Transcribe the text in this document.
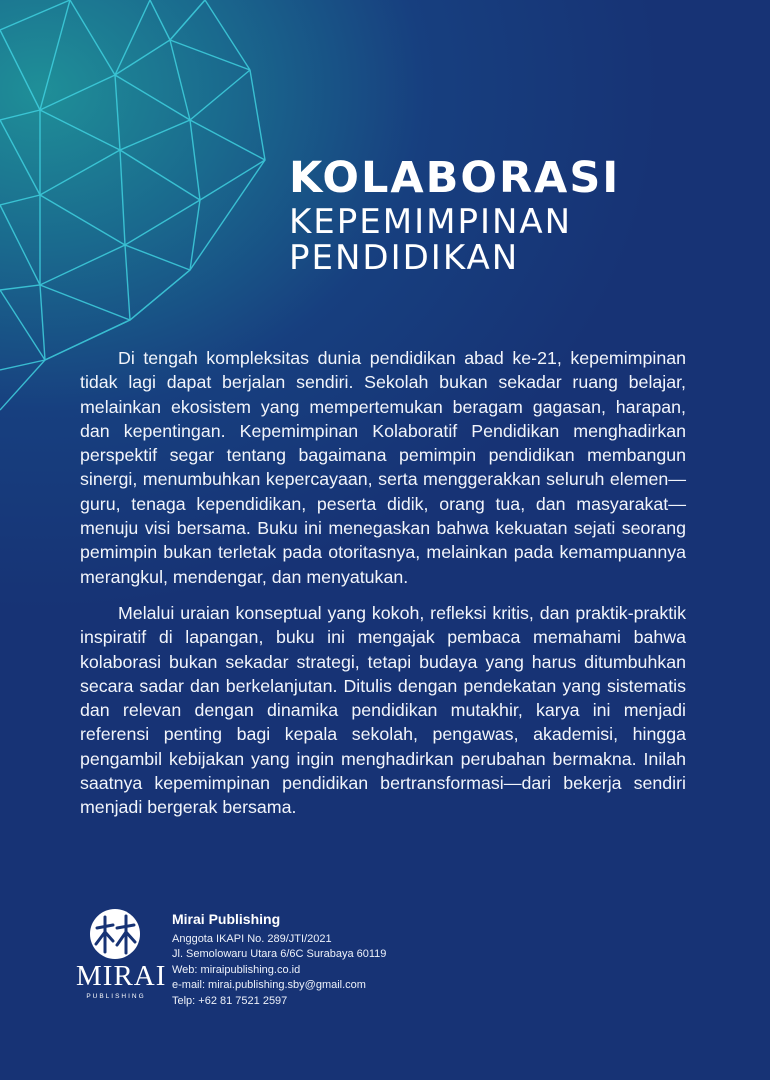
KOLABORASI
KEPEMIMPINAN
PENDIDIKAN

Di tengah kompleksitas dunia pendidikan abad ke-21, kepemimpinan tidak lagi dapat berjalan sendiri. Sekolah bukan sekadar ruang belajar, melainkan ekosistem yang mempertemukan beragam gagasan, harapan, dan kepentingan. Kepemimpinan Kolaboratif Pendidikan menghadirkan perspektif segar tentang bagaimana pemimpin pendidikan membangun sinergi, menumbuhkan kepercayaan, serta menggerakkan seluruh elemen—guru, tenaga kependidikan, peserta didik, orang tua, dan masyarakat—menuju visi bersama. Buku ini menegaskan bahwa kekuatan sejati seorang pemimpin bukan terletak pada otoritasnya, melainkan pada kemampuannya merangkul, mendengar, dan menyatukan.

Melalui uraian konseptual yang kokoh, refleksi kritis, dan praktik-praktik inspiratif di lapangan, buku ini mengajak pembaca memahami bahwa kolaborasi bukan sekadar strategi, tetapi budaya yang harus ditumbuhkan secara sadar dan berkelanjutan. Ditulis dengan pendekatan yang sistematis dan relevan dengan dinamika pendidikan mutakhir, karya ini menjadi referensi penting bagi kepala sekolah, pengawas, akademisi, hingga pengambil kebijakan yang ingin menghadirkan perubahan bermakna. Inilah saatnya kepemimpinan pendidikan bertransformasi—dari bekerja sendiri menjadi bergerak bersama.

MIRAI
PUBLISHING
Mirai Publishing
Anggota IKAPI No. 289/JTI/2021
Jl. Semolowaru Utara 6/6C Surabaya 60119
Web: miraipublishing.co.id
e-mail: mirai.publishing.sby@gmail.com
Telp: +62 81 7521 2597
